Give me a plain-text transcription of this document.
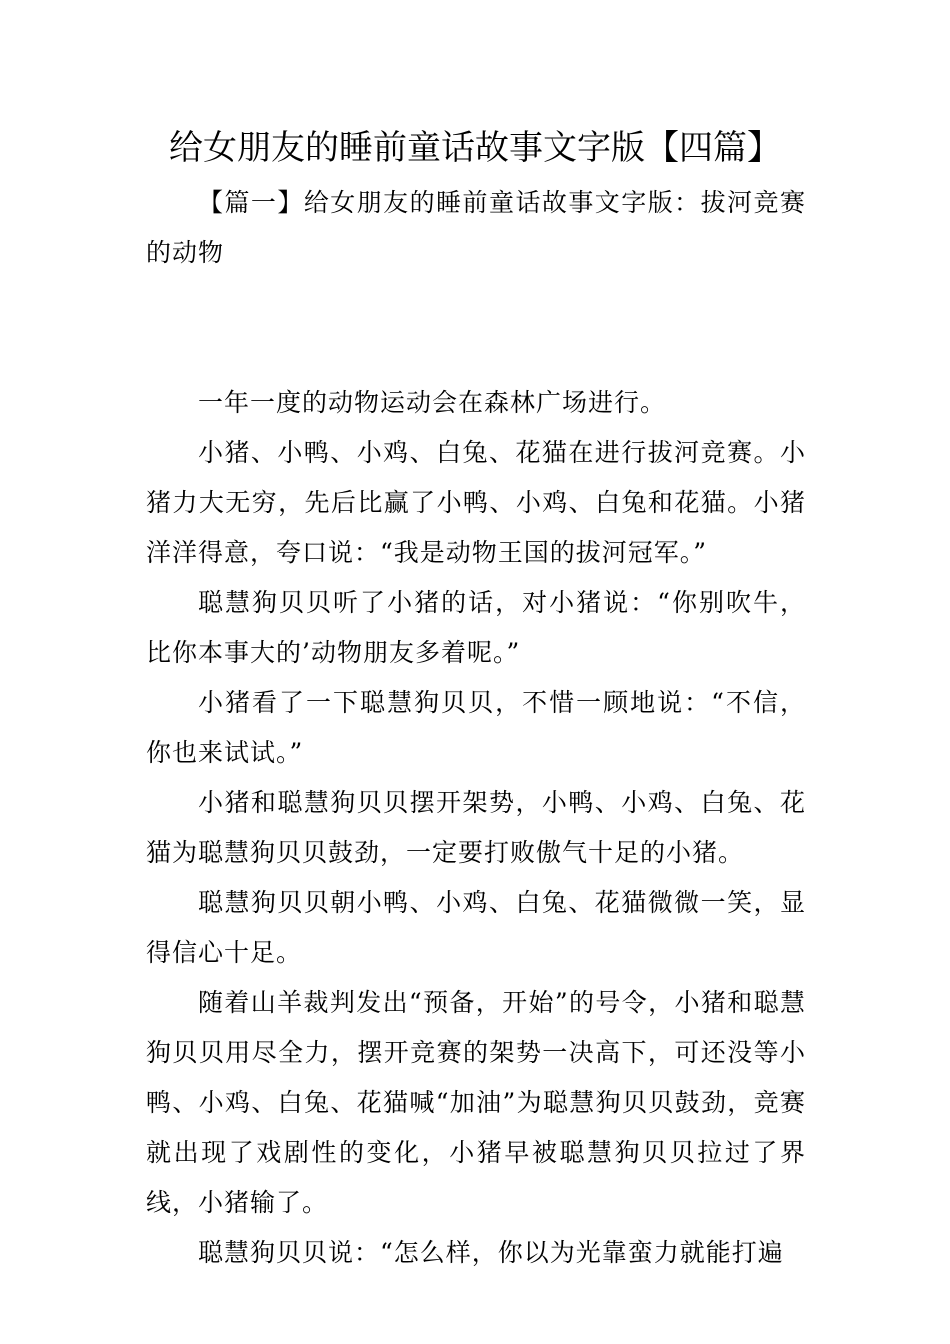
给女朋友的睡前童话故事文字版【四篇】

【篇一】给女朋友的睡前童话故事文字版：拔河竞赛的动物

一年一度的动物运动会在森林广场进行。

小猪、小鸭、小鸡、白兔、花猫在进行拔河竞赛。小猪力大无穷，先后比赢了小鸭、小鸡、白兔和花猫。小猪洋洋得意，夸口说：“我是动物王国的拔河冠军。”

聪慧狗贝贝听了小猪的话，对小猪说：“你别吹牛，比你本事大的’动物朋友多着呢。”

小猪看了一下聪慧狗贝贝，不惜一顾地说：“不信，你也来试试。”

小猪和聪慧狗贝贝摆开架势，小鸭、小鸡、白兔、花猫为聪慧狗贝贝鼓劲，一定要打败傲气十足的小猪。

聪慧狗贝贝朝小鸭、小鸡、白兔、花猫微微一笑，显得信心十足。

随着山羊裁判发出“预备，开始”的号令，小猪和聪慧狗贝贝用尽全力，摆开竞赛的架势一决高下，可还没等小鸭、小鸡、白兔、花猫喊“加油”为聪慧狗贝贝鼓劲，竞赛就出现了戏剧性的变化，小猪早被聪慧狗贝贝拉过了界线，小猪输了。

聪慧狗贝贝说：“怎么样，你以为光靠蛮力就能打遍
